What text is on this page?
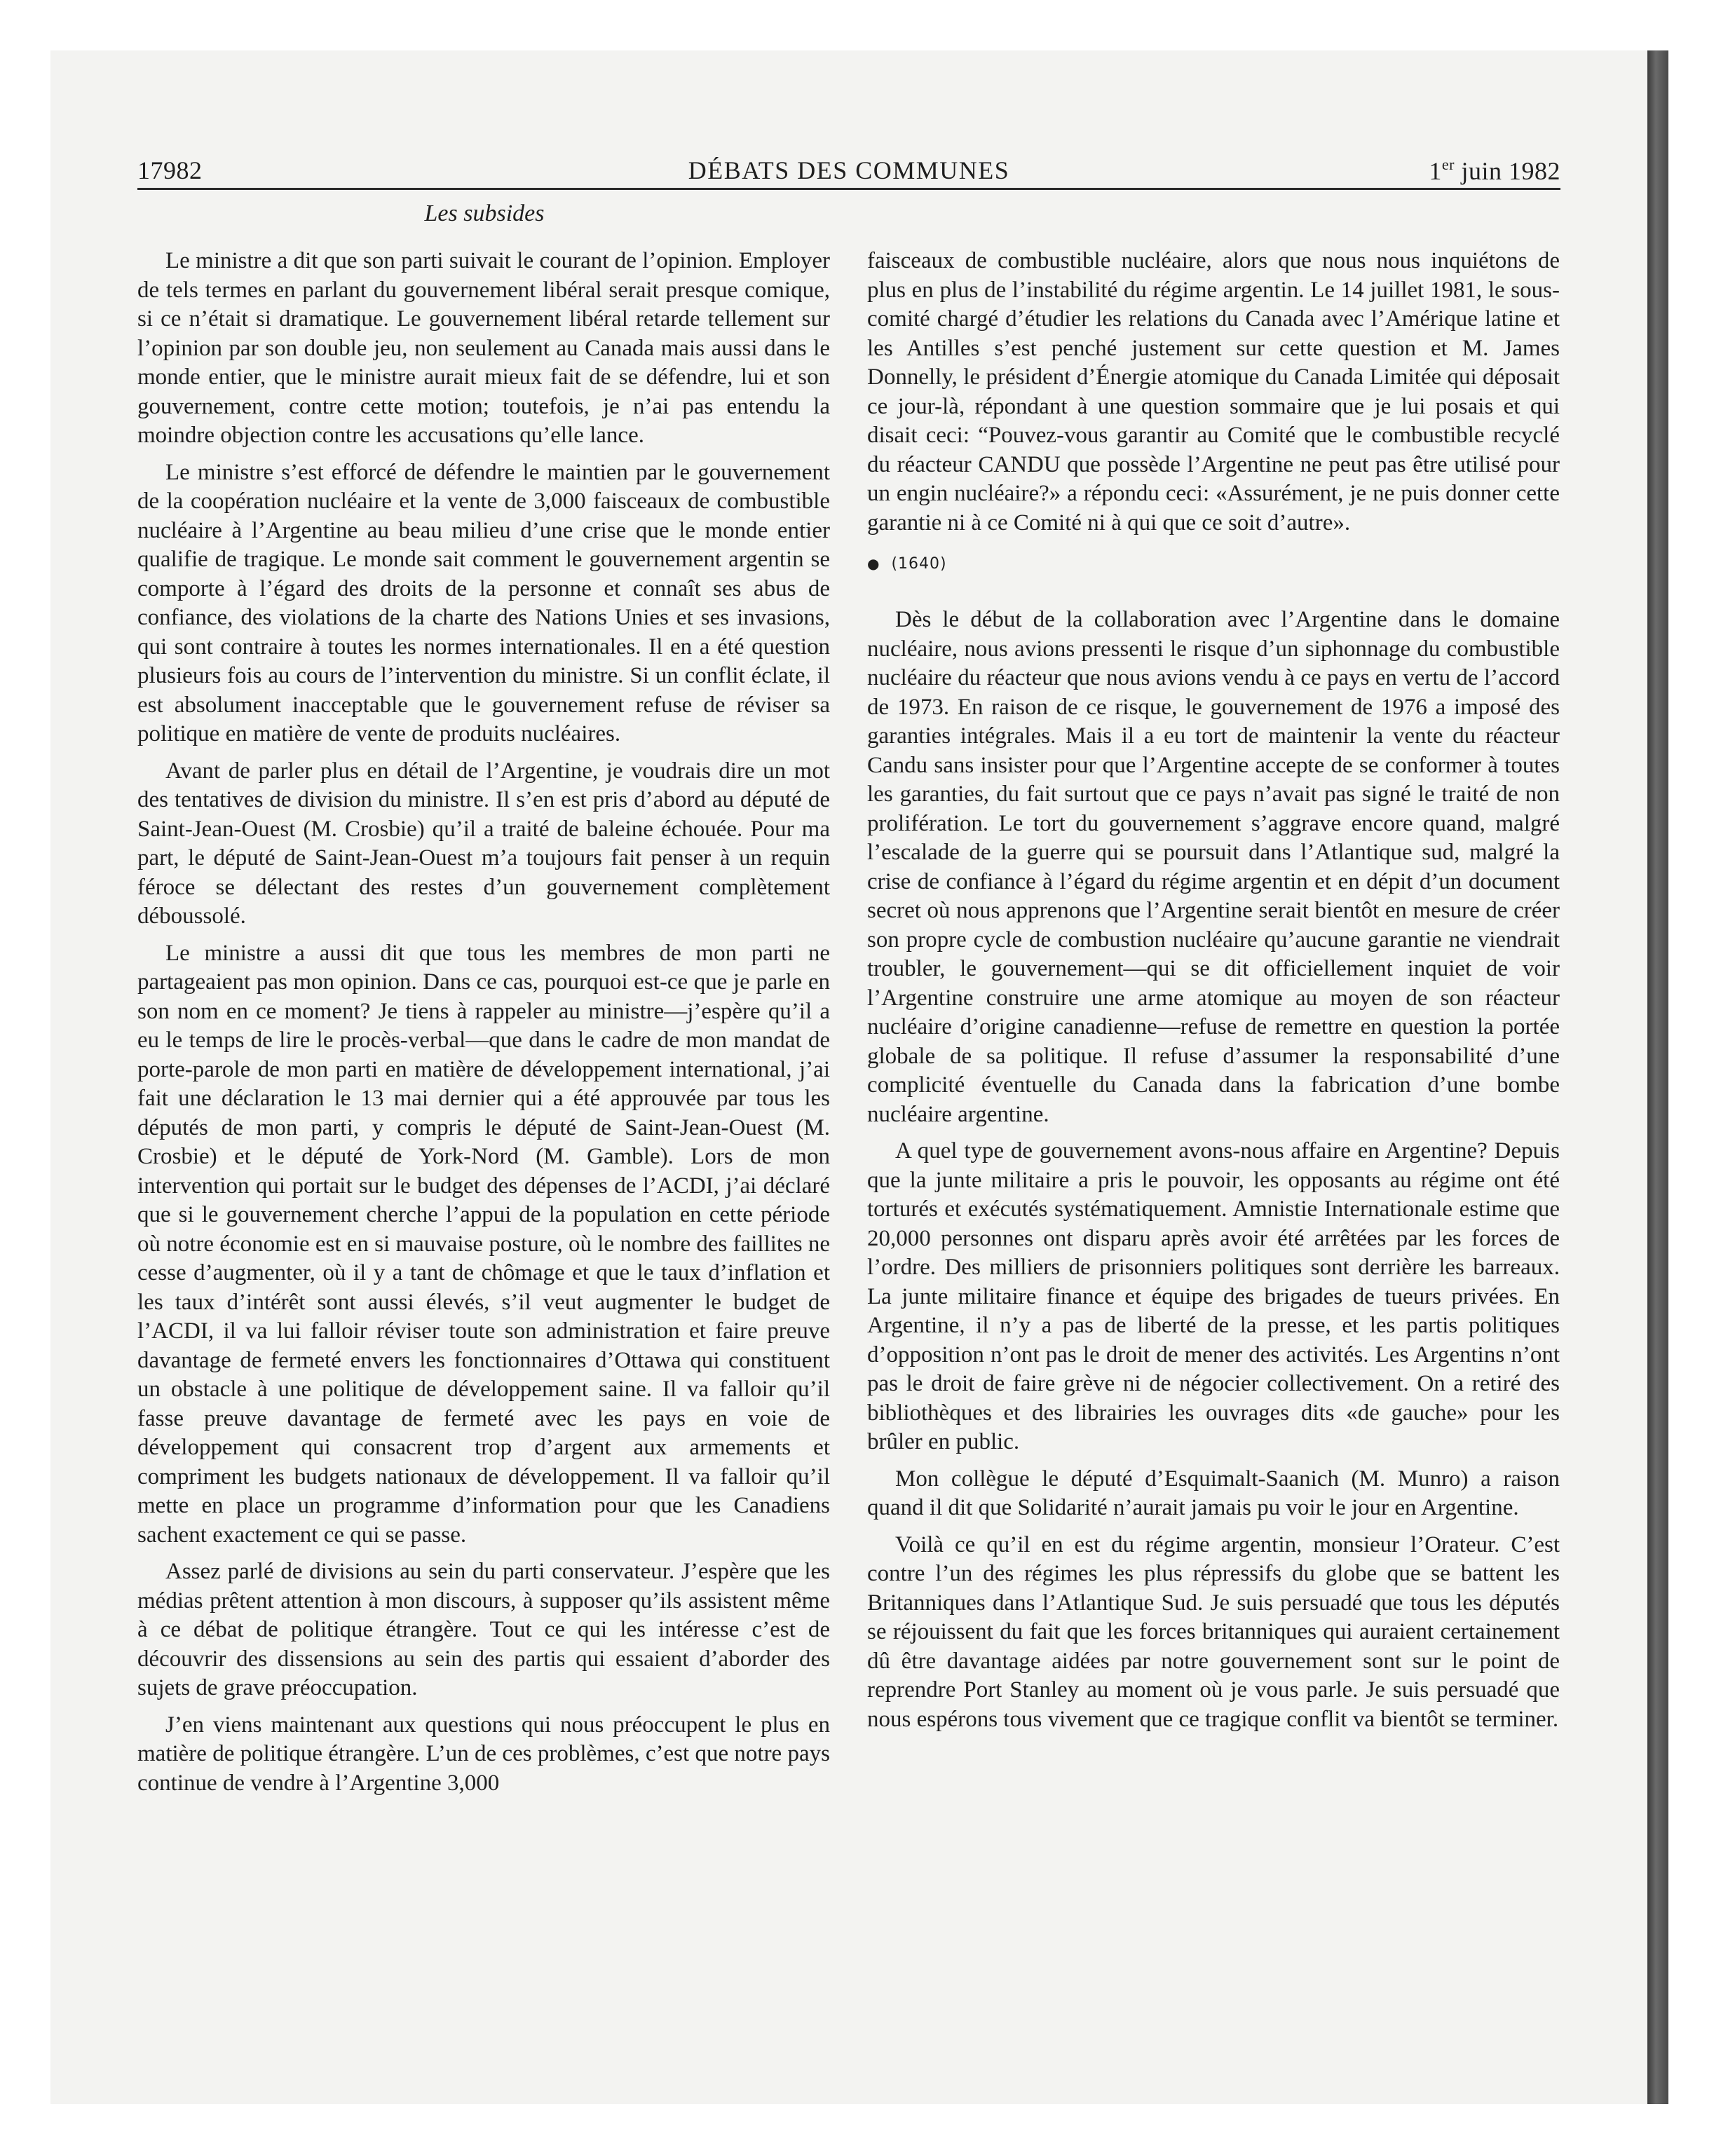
17982	DÉBATS DES COMMUNES	1er juin 1982
Les subsides

Le ministre a dit que son parti suivait le courant de l’opinion. Employer de tels termes en parlant du gouvernement libéral serait presque comique, si ce n’était si dramatique. Le gouvernement libéral retarde tellement sur l’opinion par son double jeu, non seulement au Canada mais aussi dans le monde entier, que le ministre aurait mieux fait de se défendre, lui et son gouvernement, contre cette motion; toutefois, je n’ai pas entendu la moindre objection contre les accusations qu’elle lance.

Le ministre s’est efforcé de défendre le maintien par le gouvernement de la coopération nucléaire et la vente de 3,000 faisceaux de combustible nucléaire à l’Argentine au beau milieu d’une crise que le monde entier qualifie de tragique. Le monde sait comment le gouvernement argentin se comporte à l’égard des droits de la personne et connaît ses abus de confiance, des violations de la charte des Nations Unies et ses invasions, qui sont contraire à toutes les normes internationales. Il en a été question plusieurs fois au cours de l’intervention du ministre. Si un conflit éclate, il est absolument inacceptable que le gouvernement refuse de réviser sa politique en matière de vente de produits nucléaires.

Avant de parler plus en détail de l’Argentine, je voudrais dire un mot des tentatives de division du ministre. Il s’en est pris d’abord au député de Saint-Jean-Ouest (M. Crosbie) qu’il a traité de baleine échouée. Pour ma part, le député de Saint-Jean-Ouest m’a toujours fait penser à un requin féroce se délectant des restes d’un gouvernement complètement déboussolé.

Le ministre a aussi dit que tous les membres de mon parti ne partageaient pas mon opinion. Dans ce cas, pourquoi est-ce que je parle en son nom en ce moment? Je tiens à rappeler au ministre—j’espère qu’il a eu le temps de lire le procès-verbal—que dans le cadre de mon mandat de porte-parole de mon parti en matière de développement international, j’ai fait une déclaration le 13 mai dernier qui a été approuvée par tous les députés de mon parti, y compris le député de Saint-Jean-Ouest (M. Crosbie) et le député de York-Nord (M. Gamble). Lors de mon intervention qui portait sur le budget des dépenses de l’ACDI, j’ai déclaré que si le gouvernement cherche l’appui de la population en cette période où notre économie est en si mauvaise posture, où le nombre des faillites ne cesse d’augmenter, où il y a tant de chômage et que le taux d’inflation et les taux d’intérêt sont aussi élevés, s’il veut augmenter le budget de l’ACDI, il va lui falloir réviser toute son administration et faire preuve davantage de fermeté envers les fonctionnaires d’Ottawa qui constituent un obstacle à une politique de développement saine. Il va falloir qu’il fasse preuve davantage de fermeté avec les pays en voie de développement qui consacrent trop d’argent aux armements et compriment les budgets nationaux de développement. Il va falloir qu’il mette en place un programme d’information pour que les Canadiens sachent exactement ce qui se passe.

Assez parlé de divisions au sein du parti conservateur. J’espère que les médias prêtent attention à mon discours, à supposer qu’ils assistent même à ce débat de politique étrangère. Tout ce qui les intéresse c’est de découvrir des dissensions au sein des partis qui essaient d’aborder des sujets de grave préoccupation.

J’en viens maintenant aux questions qui nous préoccupent le plus en matière de politique étrangère. L’un de ces problèmes, c’est que notre pays continue de vendre à l’Argentine 3,000

faisceaux de combustible nucléaire, alors que nous nous inquiétons de plus en plus de l’instabilité du régime argentin. Le 14 juillet 1981, le sous-comité chargé d’étudier les relations du Canada avec l’Amérique latine et les Antilles s’est penché justement sur cette question et M. James Donnelly, le président d’Énergie atomique du Canada Limitée qui déposait ce jour-là, répondant à une question sommaire que je lui posais et qui disait ceci: “Pouvez-vous garantir au Comité que le combustible recyclé du réacteur CANDU que possède l’Argentine ne peut pas être utilisé pour un engin nucléaire?» a répondu ceci: «Assurément, je ne puis donner cette garantie ni à ce Comité ni à qui que ce soit d’autre».

● (1640)

Dès le début de la collaboration avec l’Argentine dans le domaine nucléaire, nous avions pressenti le risque d’un siphonnage du combustible nucléaire du réacteur que nous avions vendu à ce pays en vertu de l’accord de 1973. En raison de ce risque, le gouvernement de 1976 a imposé des garanties intégrales. Mais il a eu tort de maintenir la vente du réacteur Candu sans insister pour que l’Argentine accepte de se conformer à toutes les garanties, du fait surtout que ce pays n’avait pas signé le traité de non prolifération. Le tort du gouvernement s’aggrave encore quand, malgré l’escalade de la guerre qui se poursuit dans l’Atlantique sud, malgré la crise de confiance à l’égard du régime argentin et en dépit d’un document secret où nous apprenons que l’Argentine serait bientôt en mesure de créer son propre cycle de combustion nucléaire qu’aucune garantie ne viendrait troubler, le gouvernement—qui se dit officiellement inquiet de voir l’Argentine construire une arme atomique au moyen de son réacteur nucléaire d’origine canadienne—refuse de remettre en question la portée globale de sa politique. Il refuse d’assumer la responsabilité d’une complicité éventuelle du Canada dans la fabrication d’une bombe nucléaire argentine.

A quel type de gouvernement avons-nous affaire en Argentine? Depuis que la junte militaire a pris le pouvoir, les opposants au régime ont été torturés et exécutés systématiquement. Amnistie Internationale estime que 20,000 personnes ont disparu après avoir été arrêtées par les forces de l’ordre. Des milliers de prisonniers politiques sont derrière les barreaux. La junte militaire finance et équipe des brigades de tueurs privées. En Argentine, il n’y a pas de liberté de la presse, et les partis politiques d’opposition n’ont pas le droit de mener des activités. Les Argentins n’ont pas le droit de faire grève ni de négocier collectivement. On a retiré des bibliothèques et des librairies les ouvrages dits «de gauche» pour les brûler en public.

Mon collègue le député d’Esquimalt-Saanich (M. Munro) a raison quand il dit que Solidarité n’aurait jamais pu voir le jour en Argentine.

Voilà ce qu’il en est du régime argentin, monsieur l’Orateur. C’est contre l’un des régimes les plus répressifs du globe que se battent les Britanniques dans l’Atlantique Sud. Je suis persuadé que tous les députés se réjouissent du fait que les forces britanniques qui auraient certainement dû être davantage aidées par notre gouvernement sont sur le point de reprendre Port Stanley au moment où je vous parle. Je suis persuadé que nous espérons tous vivement que ce tragique conflit va bientôt se terminer.
